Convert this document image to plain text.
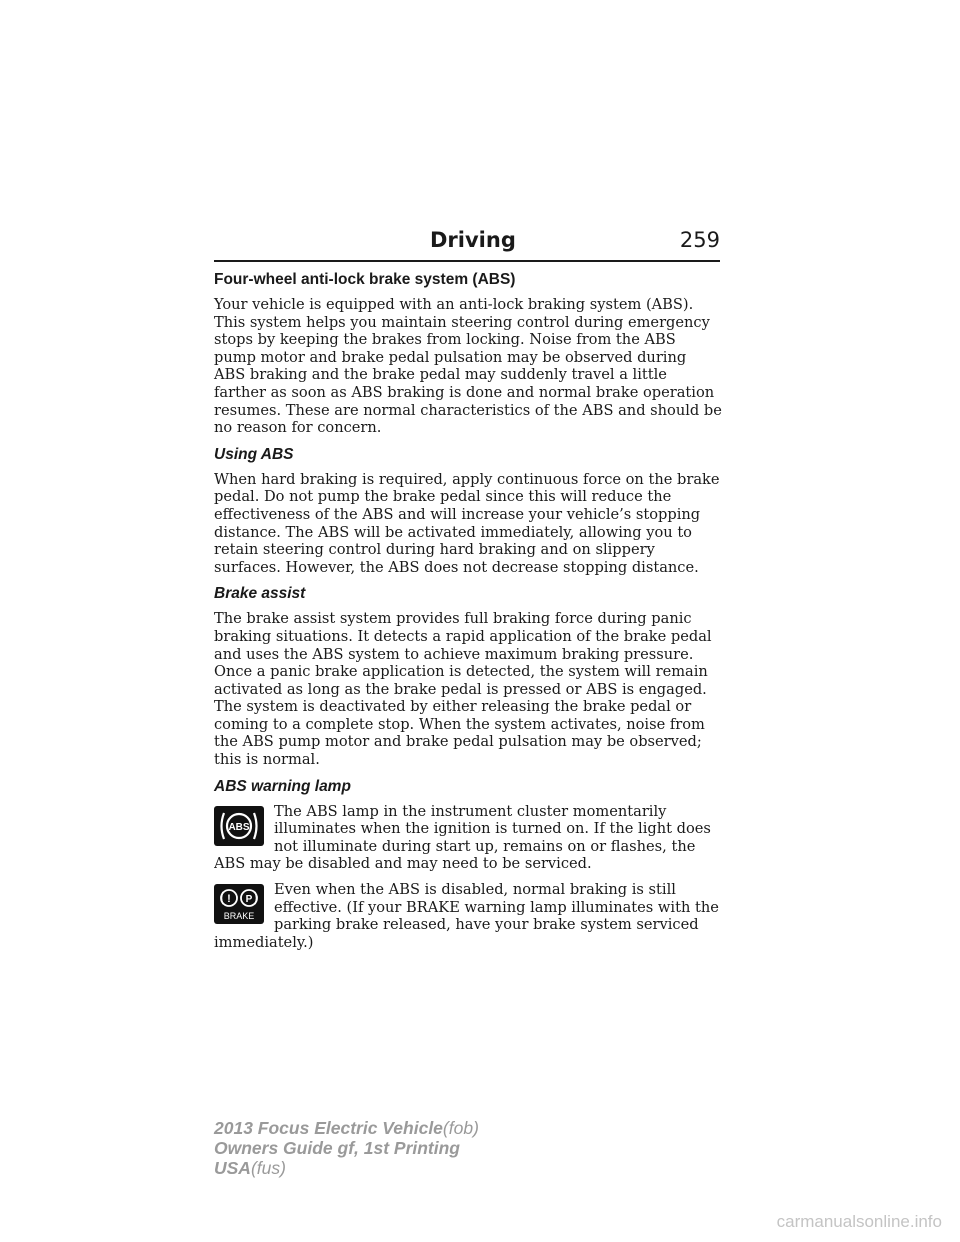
Driving	259
Four-wheel anti-lock brake system (ABS)

Your vehicle is equipped with an anti-lock braking system (ABS). This system helps you maintain steering control during emergency stops by keeping the brakes from locking. Noise from the ABS pump motor and brake pedal pulsation may be observed during ABS braking and the brake pedal may suddenly travel a little farther as soon as ABS braking is done and normal brake operation resumes. These are normal characteristics of the ABS and should be no reason for concern.

Using ABS

When hard braking is required, apply continuous force on the brake pedal. Do not pump the brake pedal since this will reduce the effectiveness of the ABS and will increase your vehicle’s stopping distance. The ABS will be activated immediately, allowing you to retain steering control during hard braking and on slippery surfaces. However, the ABS does not decrease stopping distance.

Brake assist

The brake assist system provides full braking force during panic braking situations. It detects a rapid application of the brake pedal and uses the ABS system to achieve maximum braking pressure. Once a panic brake application is detected, the system will remain activated as long as the brake pedal is pressed or ABS is engaged. The system is deactivated by either releasing the brake pedal or coming to a complete stop. When the system activates, noise from the ABS pump motor and brake pedal pulsation may be observed; this is normal.

ABS warning lamp
ABS

The ABS lamp in the instrument cluster momentarily illuminates when the ignition is turned on. If the light does not illuminate during start up, remains on or flashes, the ABS may be disabled and may need to be serviced.

! P
BRAKE

Even when the ABS is disabled, normal braking is still effective. (If your BRAKE warning lamp illuminates with the parking brake released, have your brake system serviced immediately.)

2013 Focus Electric Vehicle(fob)
Owners Guide gf, 1st Printing
USA(fus)
carmanualsonline.info
